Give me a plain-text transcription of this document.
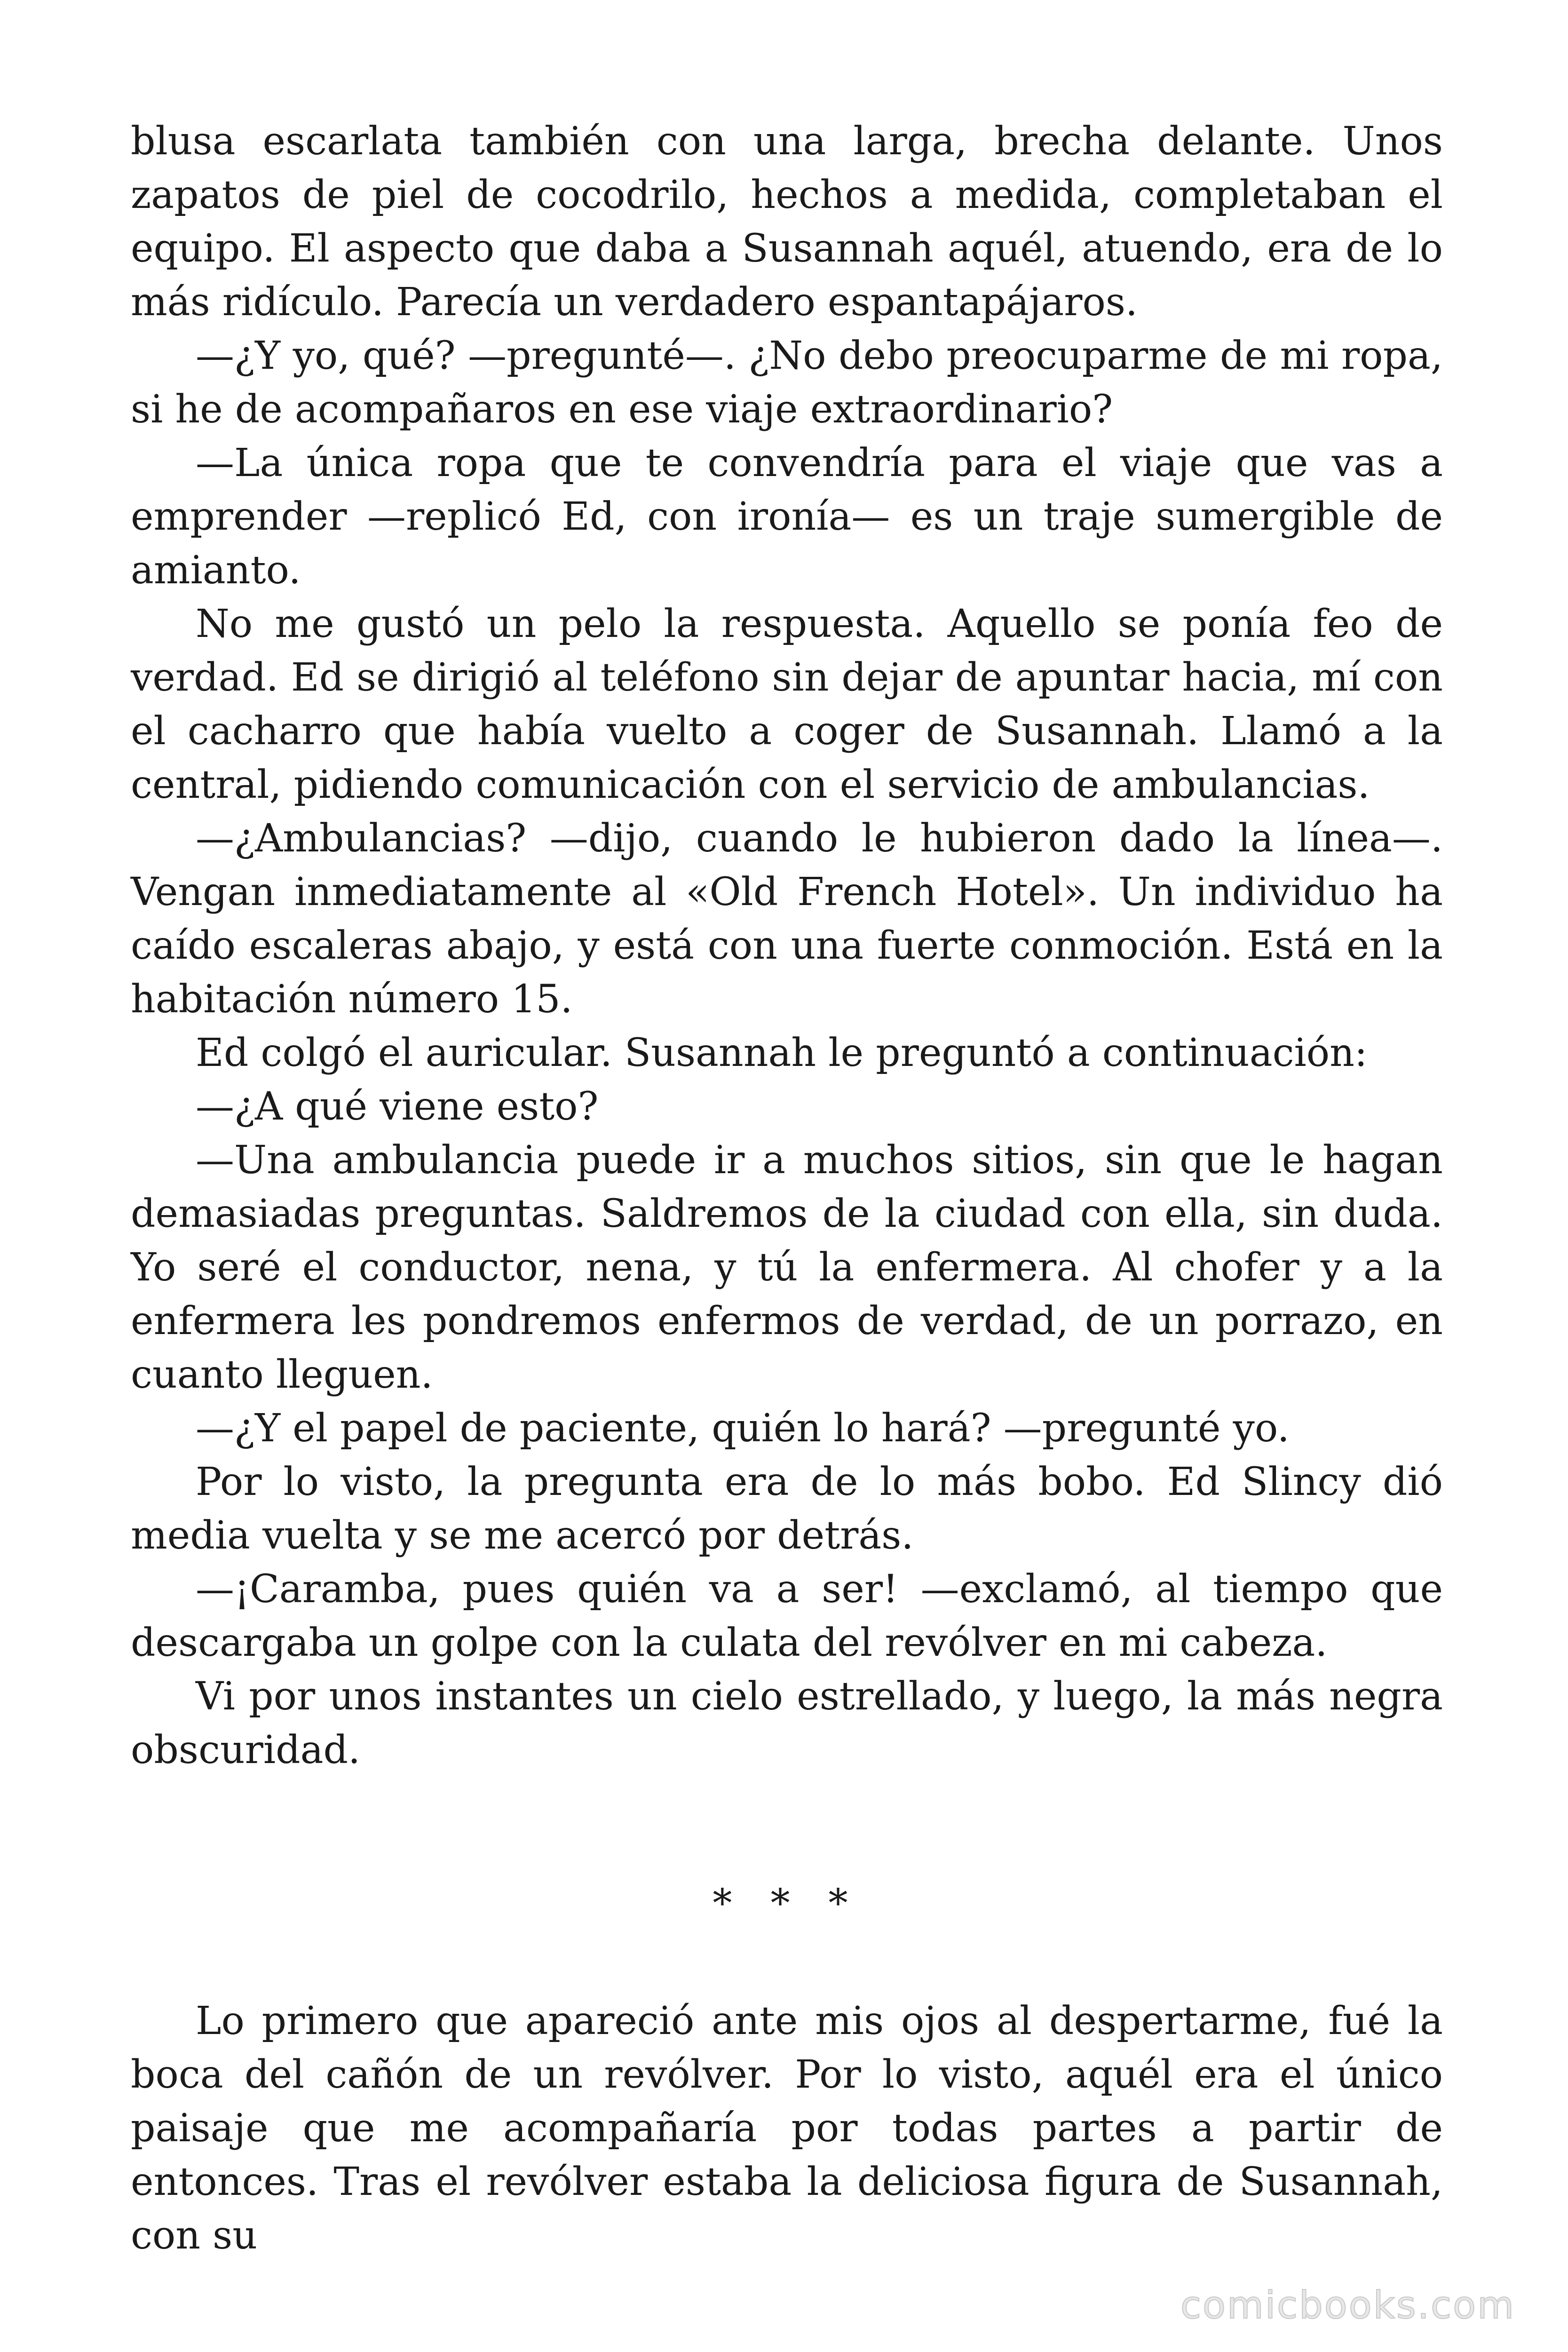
blusa escarlata también con una larga, brecha delante. Unos zapatos de piel de cocodrilo, hechos a medida, completaban el equipo. El aspecto que daba a Susannah aquél, atuendo, era de lo más ridículo. Parecía un verdadero espantapájaros.

—¿Y yo, qué? —pregunté—. ¿No debo preocuparme de mi ropa, si he de acompañaros en ese viaje extraordinario?

—La única ropa que te convendría para el viaje que vas a emprender —replicó Ed, con ironía— es un traje sumergible de amianto.

No me gustó un pelo la respuesta. Aquello se ponía feo de verdad. Ed se dirigió al teléfono sin dejar de apuntar hacia, mí con el cacharro que había vuelto a coger de Susannah. Llamó a la central, pidiendo comunicación con el servicio de ambulancias.

—¿Ambulancias? —dijo, cuando le hubieron dado la línea—. Vengan inmediatamente al «Old French Hotel». Un individuo ha caído escaleras abajo, y está con una fuerte conmoción. Está en la habitación número 15.

Ed colgó el auricular. Susannah le preguntó a continuación:

—¿A qué viene esto?

—Una ambulancia puede ir a muchos sitios, sin que le hagan demasiadas preguntas. Saldremos de la ciudad con ella, sin duda. Yo seré el conductor, nena, y tú la enfermera. Al chofer y a la enfermera les pondremos enfermos de verdad, de un porrazo, en cuanto lleguen.

—¿Y el papel de paciente, quién lo hará? —pregunté yo.

Por lo visto, la pregunta era de lo más bobo. Ed Slincy dió media vuelta y se me acercó por detrás.

—¡Caramba, pues quién va a ser! —exclamó, al tiempo que descargaba un golpe con la culata del revólver en mi cabeza.

Vi por unos instantes un cielo estrellado, y luego, la más negra obscuridad.

* * *

Lo primero que apareció ante mis ojos al despertarme, fué la boca del cañón de un revólver. Por lo visto, aquél era el único paisaje que me acompañaría por todas partes a partir de entonces. Tras el revólver estaba la deliciosa figura de Susannah, con su

comicbooks.com
